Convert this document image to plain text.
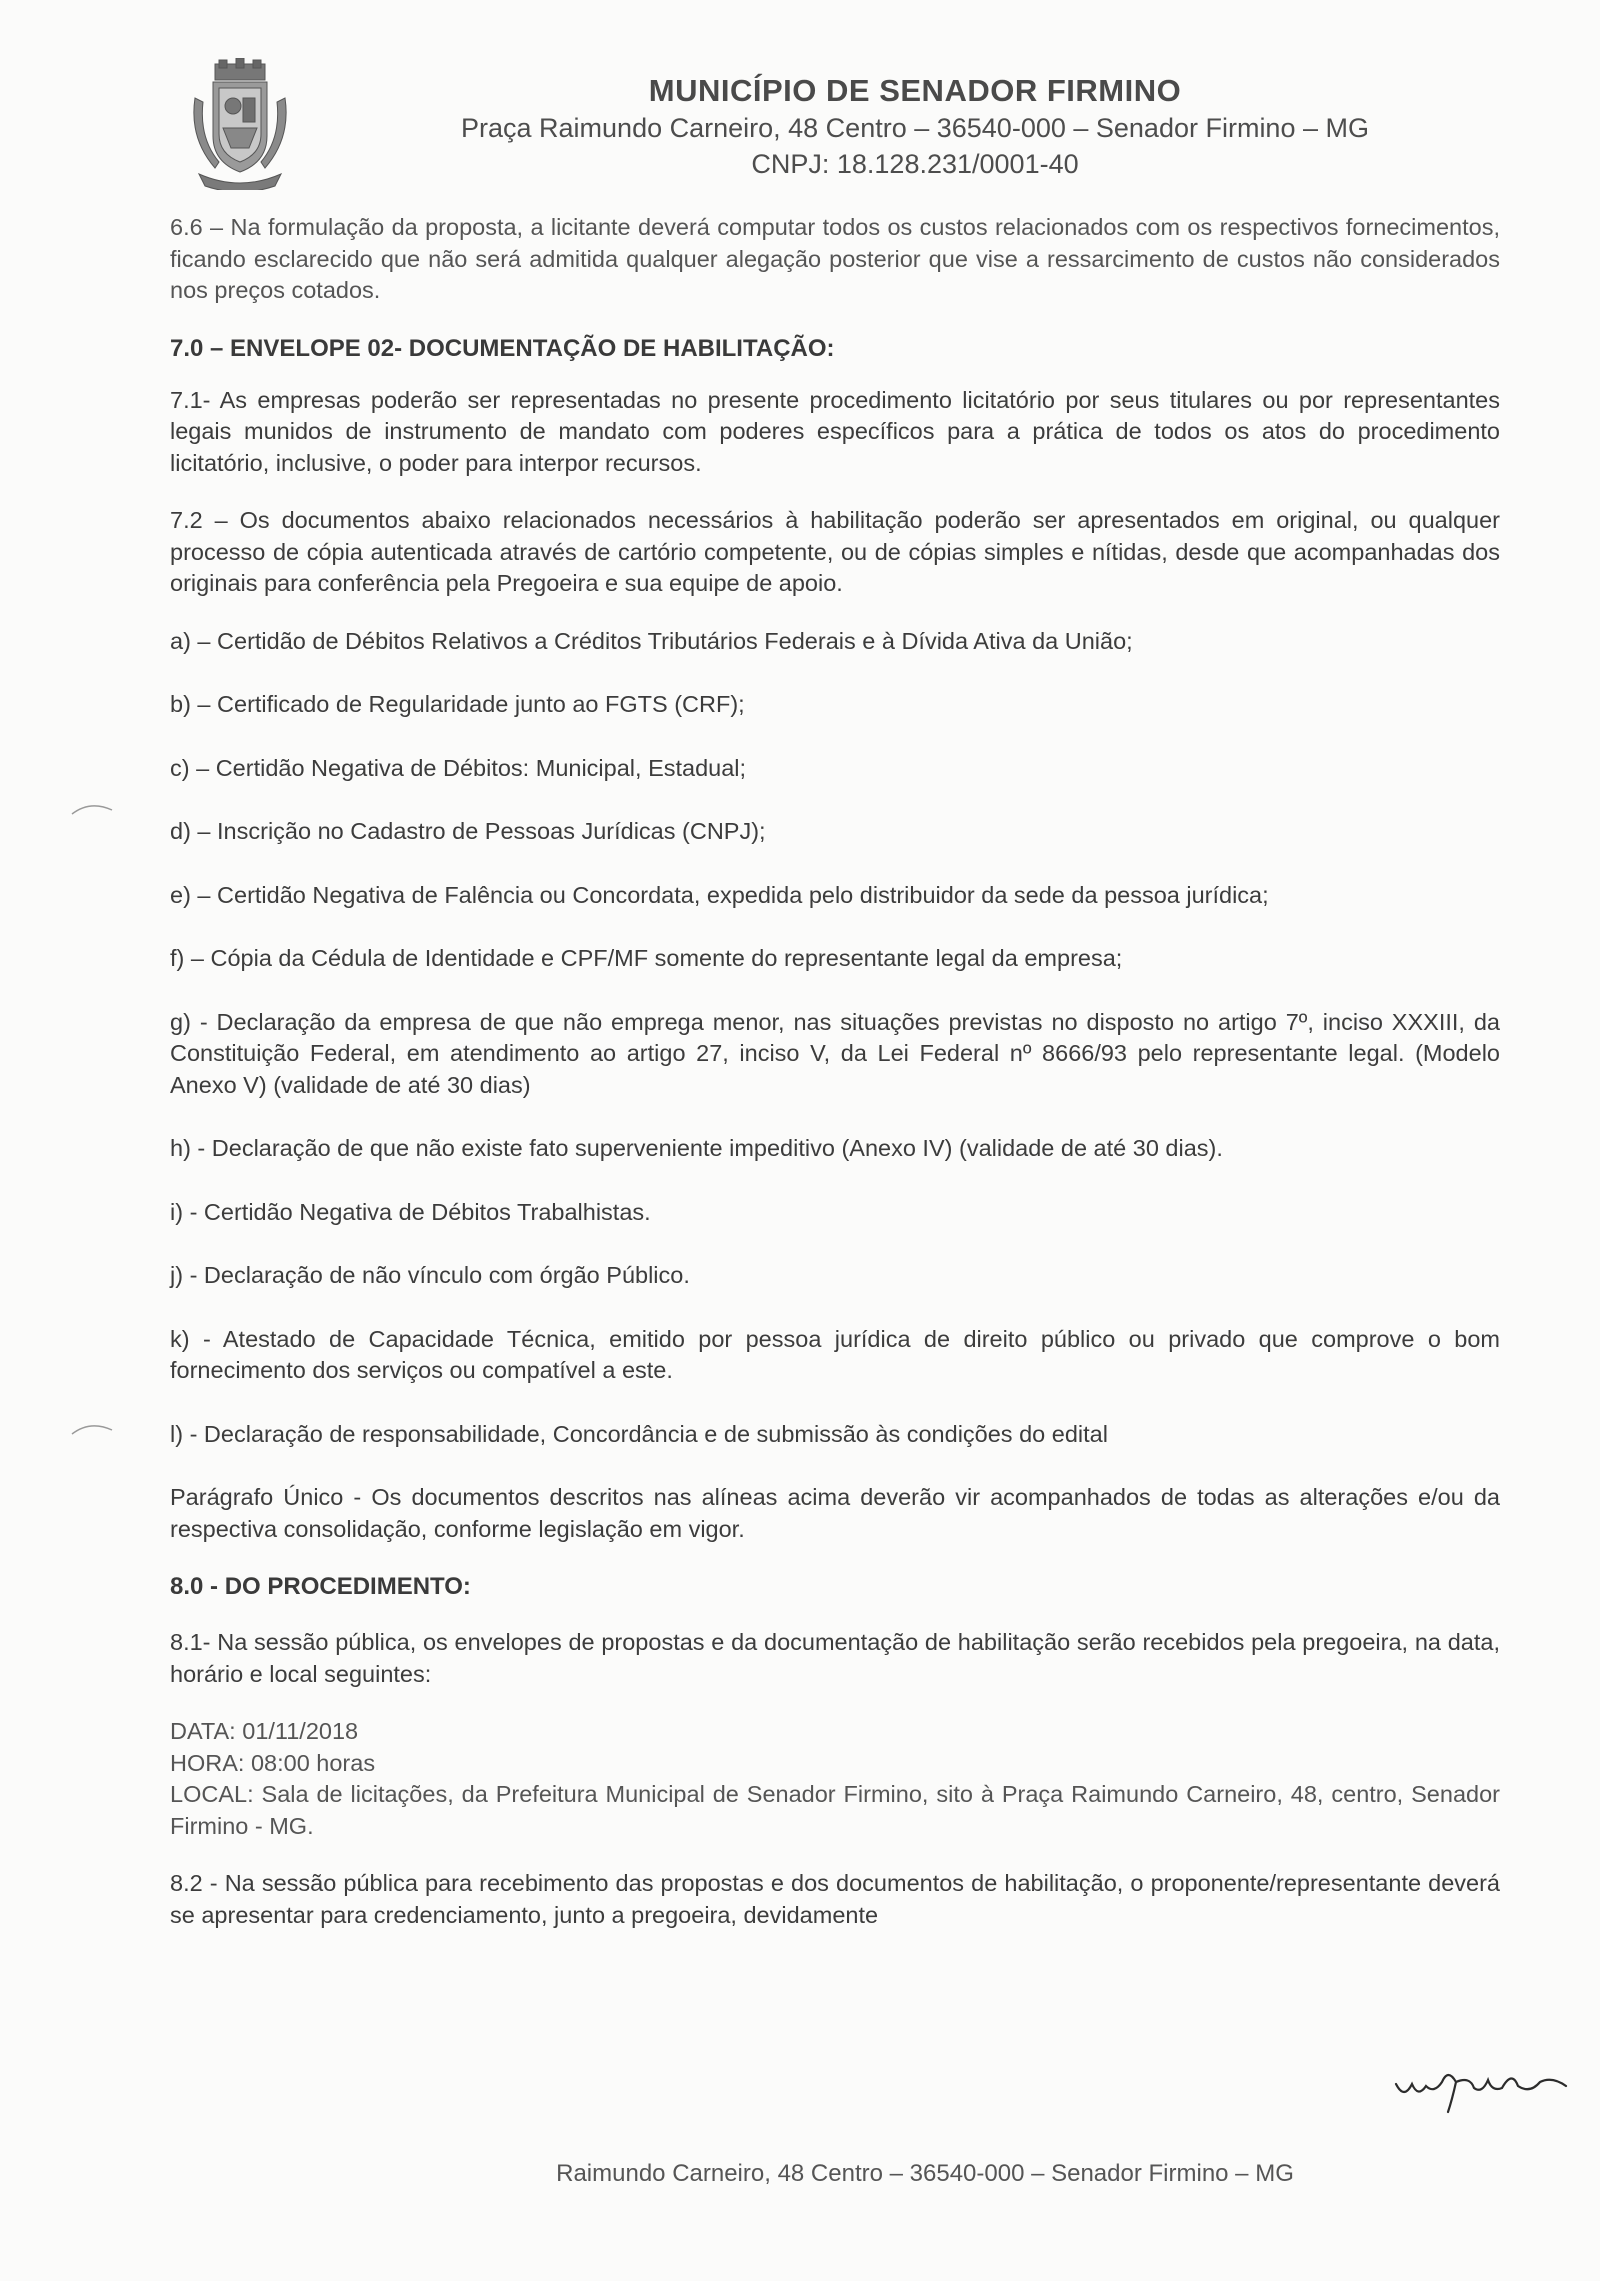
MUNICÍPIO DE SENADOR FIRMINO
Praça Raimundo Carneiro, 48 Centro – 36540-000 – Senador Firmino – MG
CNPJ: 18.128.231/0001-40

6.6 – Na formulação da proposta, a licitante deverá computar todos os custos relacionados com os respectivos fornecimentos, ficando esclarecido que não será admitida qualquer alegação posterior que vise a ressarcimento de custos não considerados nos preços cotados.

7.0 – ENVELOPE 02- DOCUMENTAÇÃO DE HABILITAÇÃO:

7.1- As empresas poderão ser representadas no presente procedimento licitatório por seus titulares ou por representantes legais munidos de instrumento de mandato com poderes específicos para a prática de todos os atos do procedimento licitatório, inclusive, o poder para interpor recursos.

7.2 – Os documentos abaixo relacionados necessários à habilitação poderão ser apresentados em original, ou qualquer processo de cópia autenticada através de cartório competente, ou de cópias simples e nítidas, desde que acompanhadas dos originais para conferência pela Pregoeira e sua equipe de apoio.

a) – Certidão de Débitos Relativos a Créditos Tributários Federais e à Dívida Ativa da União;

b) – Certificado de Regularidade junto ao FGTS (CRF);

c) – Certidão Negativa de Débitos: Municipal, Estadual;

d) – Inscrição no Cadastro de Pessoas Jurídicas (CNPJ);

e) – Certidão Negativa de Falência ou Concordata, expedida pelo distribuidor da sede da pessoa jurídica;

f) – Cópia da Cédula de Identidade e CPF/MF somente do representante legal da empresa;

g) - Declaração da empresa de que não emprega menor, nas situações previstas no disposto no artigo 7º, inciso XXXIII, da Constituição Federal, em atendimento ao artigo 27, inciso V, da Lei Federal nº 8666/93 pelo representante legal. (Modelo Anexo V) (validade de até 30 dias)

h) - Declaração de que não existe fato superveniente impeditivo (Anexo IV) (validade de até 30 dias).

i) - Certidão Negativa de Débitos Trabalhistas.

j) - Declaração de não vínculo com órgão Público.

k) - Atestado de Capacidade Técnica, emitido por pessoa jurídica de direito público ou privado que comprove o bom fornecimento dos serviços ou compatível a este.

l) - Declaração de responsabilidade, Concordância e de submissão às condições do edital

Parágrafo Único - Os documentos descritos nas alíneas acima deverão vir acompanhados de todas as alterações e/ou da respectiva consolidação, conforme legislação em vigor.

8.0 - DO PROCEDIMENTO:

8.1- Na sessão pública, os envelopes de propostas e da documentação de habilitação serão recebidos pela pregoeira, na data, horário e local seguintes:

DATA: 01/11/2018

HORA: 08:00 horas

LOCAL: Sala de licitações, da Prefeitura Municipal de Senador Firmino, sito à Praça Raimundo Carneiro, 48, centro, Senador Firmino - MG.

8.2 - Na sessão pública para recebimento das propostas e dos documentos de habilitação, o proponente/representante deverá se apresentar para credenciamento, junto a pregoeira, devidamente

Raimundo Carneiro, 48 Centro – 36540-000 – Senador Firmino – MG
